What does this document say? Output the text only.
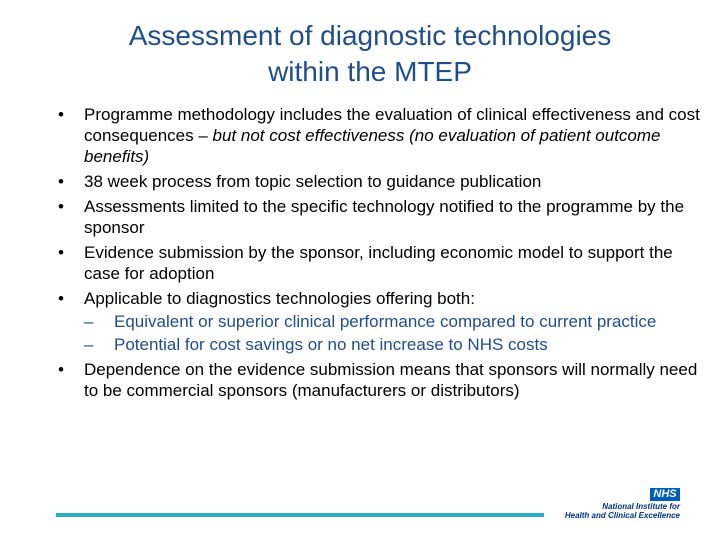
Assessment of diagnostic technologies
within the MTEP
• Programme methodology includes the evaluation of clinical effectiveness and cost consequences – but not cost effectiveness (no evaluation of patient outcome benefits)
• 38 week process from topic selection to guidance publication
• Assessments limited to the specific technology notified to the programme by the sponsor
• Evidence submission by the sponsor, including economic model to support the case for adoption
• Applicable to diagnostics technologies offering both:
– Equivalent or superior clinical performance compared to current practice
– Potential for cost savings or no net increase to NHS costs
• Dependence on the evidence submission means that sponsors will normally need to be commercial sponsors (manufacturers or distributors)
NHS
National Institute for
Health and Clinical Excellence
